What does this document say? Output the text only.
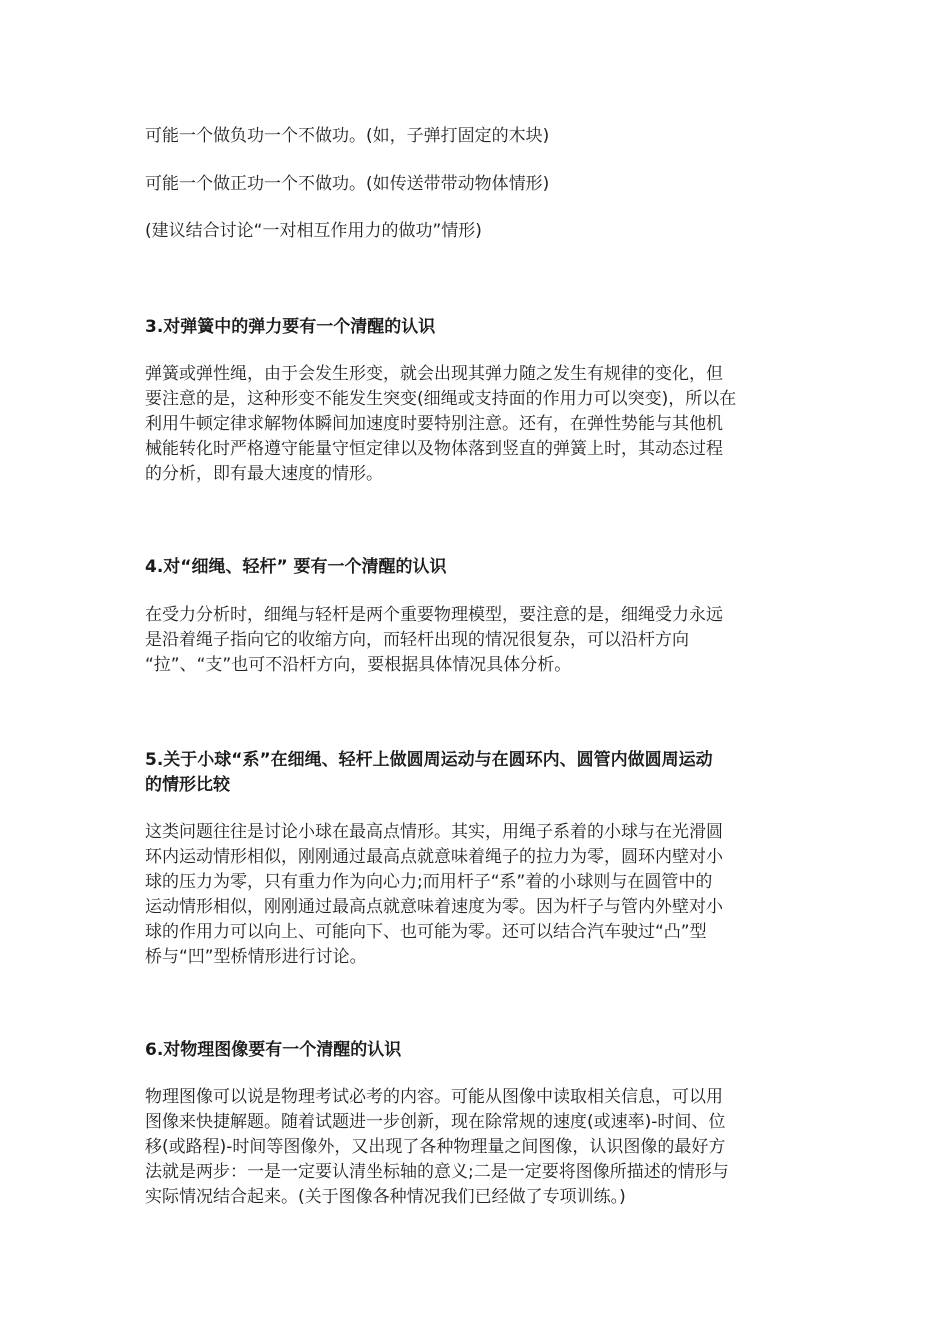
可能一个做负功一个不做功。(如，子弹打固定的木块)

可能一个做正功一个不做功。(如传送带带动物体情形)

(建议结合讨论“一对相互作用力的做功”情形)

3.对弹簧中的弹力要有一个清醒的认识
弹簧或弹性绳，由于会发生形变，就会出现其弹力随之发生有规律的变化，但
要注意的是，这种形变不能发生突变(细绳或支持面的作用力可以突变)，所以在
利用牛顿定律求解物体瞬间加速度时要特别注意。还有，在弹性势能与其他机
械能转化时严格遵守能量守恒定律以及物体落到竖直的弹簧上时，其动态过程
的分析，即有最大速度的情形。
4.对“细绳、轻杆” 要有一个清醒的认识
在受力分析时，细绳与轻杆是两个重要物理模型，要注意的是，细绳受力永远
是沿着绳子指向它的收缩方向，而轻杆出现的情况很复杂，可以沿杆方向
“拉”、“支”也可不沿杆方向，要根据具体情况具体分析。
5.关于小球“系”在细绳、轻杆上做圆周运动与在圆环内、圆管内做圆周运动
的情形比较
这类问题往往是讨论小球在最高点情形。其实，用绳子系着的小球与在光滑圆
环内运动情形相似，刚刚通过最高点就意味着绳子的拉力为零，圆环内壁对小
球的压力为零，只有重力作为向心力;而用杆子“系”着的小球则与在圆管中的
运动情形相似，刚刚通过最高点就意味着速度为零。因为杆子与管内外壁对小
球的作用力可以向上、可能向下、也可能为零。还可以结合汽车驶过“凸”型
桥与“凹”型桥情形进行讨论。
6.对物理图像要有一个清醒的认识
物理图像可以说是物理考试必考的内容。可能从图像中读取相关信息，可以用
图像来快捷解题。随着试题进一步创新，现在除常规的速度(或速率)-时间、位
移(或路程)-时间等图像外，又出现了各种物理量之间图像，认识图像的最好方
法就是两步：一是一定要认清坐标轴的意义;二是一定要将图像所描述的情形与
实际情况结合起来。(关于图像各种情况我们已经做了专项训练。)
